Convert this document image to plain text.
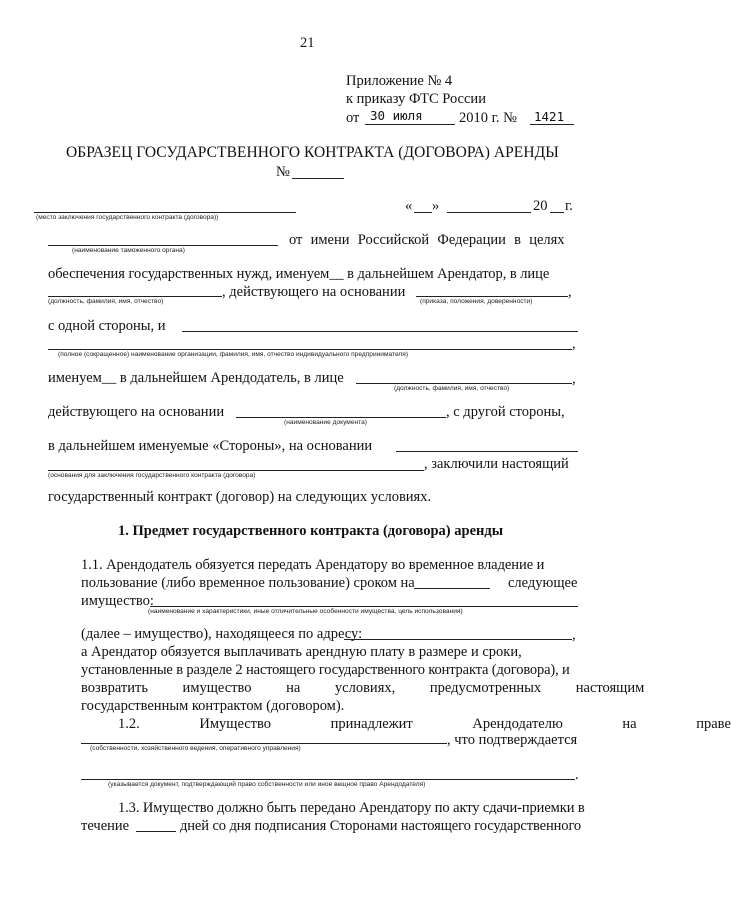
21
Приложение № 4
к приказу ФТС России
от 30 июля	2010 г. № 1421
ОБРАЗЕЦ ГОСУДАРСТВЕННОГО КОНТРАКТА (ДОГОВОРА) АРЕНДЫ
№
« »	20 г.
(место заключения государственного контракта (договора))
(наименование таможенного органа)
от имени Российской Федерации в целях
обеспечения государственных нужд, именуем__ в дальнейшем Арендатор, в лице
(должность, фамилия, имя, отчество)
, действующего на основании	,
(приказа, положения, доверенности)
с одной стороны, и
,
(полное (сокращенное) наименование организации, фамилия, имя, отчество индивидуального предпринимателя)
именуем__ в дальнейшем Арендодатель, в лице	,
(должность, фамилия, имя, отчество)
действующего на основании
(наименование документа)
, с другой стороны,
в дальнейшем именуемые «Стороны», на основании
(основания для заключения государственного контракта (договора)
, заключили настоящий
государственный контракт (договор) на следующих условиях.
1. Предмет государственного контракта (договора) аренды
1.1. Арендодатель обязуется передать Арендатору во временное владение и
пользование (либо временное пользование) сроком на	следующее
имущество:
(наименование и характеристики, иные отличительные особенности имущества, цель использования)
(далее – имущество), находящееся по адресу:	,
а Арендатор обязуется выплачивать арендную плату в размере и сроки,
установленные в разделе 2 настоящего государственного контракта (договора), и
возвратить имущество на условиях, предусмотренных настоящим
государственным контрактом (договором).
1.2. Имущество принадлежит Арендодателю на праве
, что подтверждается
(собственности, хозяйственного ведения, оперативного управления)
.
(указывается документ, подтверждающий право собственности или иное вещное право Арендодателя)
1.3. Имущество должно быть передано Арендатору по акту сдачи-приемки в
течение	дней со дня подписания Сторонами настоящего государственного
